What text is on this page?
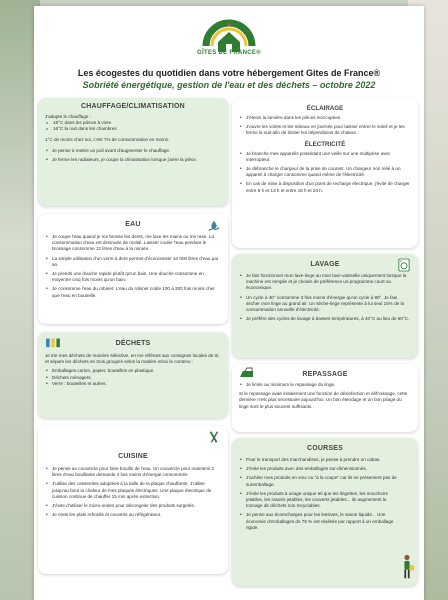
GÎTES DE FRANCE®
Les écogestes du quotidien dans votre hébergement Gites de France®
Sobriété énergétique, gestion de l'eau et des déchets – octobre 2022
CHAUFFAGE/CLIMATISATION

J'adapte le chauffage :

o 19°C dans les pièces à vivre
o 16°C la nuit dans les chambres

1°C de moins chez soi, c'est 7% de consommation en moins.

• Je pense à mettre un pull avant d'augmenter le chauffage.
• Je ferme les radiateurs, je coupe la climatisation lorsque j'aère la pièce.
EAU
• Je coupe l'eau quand je me brosse les dents, me lave les mains ou me rase. La consommation d'eau est diminuée de moitié. Laisser couler l'eau pendant le brossage consomme 12 litres d'eau à la minute.
• La simple utilisation d'un verre à dent permet d'économiser 10 000 litres d'eau par an.
• Je prends une douche rapide plutôt qu'un bain. Une douche consomme en moyenne cinq fois moins qu'un bain.
• Je consomme l'eau du robinet. L'eau du robinet coûte 100 à 300 fois moins cher que l'eau en bouteille.
DÉCHETS

Je trie mes déchets de manière sélective, en me référant aux consignes locales de tri, et sépare les déchets en trois groupes selon la matière et/ou le contenu :

• Emballages carton, papier, bouteilles en plastique.
• Déchets ménagers.
• Verre : bouteilles et autres.
CUISINE
• Je pense au couvercle pour faire bouillir de l'eau. Un couvercle pour maintenir 2 litres d'eau bouillante demande 4 fois moins d'énergie consommée.
• J'utilise des casseroles adaptées à la taille de la plaque chauffante. J'utilise jusqu'au bout la chaleur de mes plaques électriques. Une plaque électrique de cuisson continue de chauffer 15 min après extinction.
• J'évite d'utiliser le micro-ondes pour décongeler des produits surgelés.
• Je mets les plats refroidis et couverts au réfrigérateur.
ÉCLAIRAGE
• J'éteins la lumière dans les pièces inoccupées.
• J'ouvre les volets et les rideaux en journée pour laisser entrer le soleil et je les ferme la nuit afin de limiter les déperditions de chaleur.
ÉLECTRICITÉ
• Je branche mes appareils possédant une veille sur une multiprise avec interrupteur.
• Je débranche le chargeur de la prise de courant. Un chargeur non relié à un appareil à charger consomme quand même de l'électricité.
• En cas de mise à disposition d'un point de recharge électrique, j'évite de charger entre 8 h et 13 h et entre 18 h et 20 h.
LAVAGE
• Je fais fonctionner mon lave-linge ou mon lave-vaisselle uniquement lorsque la machine est remplie et je choisis de préférence un programme court ou économique.
• Un cycle à 40° consomme 3 fois moins d'énergie qu'un cycle à 90°. Je fais sécher mon linge au grand air. Un sèche-linge représente à lui seul 15% de la consommation annuelle d'électricité.
• Je préfère des cycles de lavage à basses températures, à 40°C au lieu de 60°C.
REPASSAGE
• Je limite au minimum le repassage du linge.

Si le repassage avait initialement une fonction de désinfection et défroissage, cette dernière n'est plus nécessaire aujourd'hui. Un bon étendage et un bon pliage du linge sont le plus souvent suffisants.

COURSES
• Pour le transport des marchandises, je pense à prendre un cabas.
• J'évite les produits avec des emballages sur-dimensionnés.
• J'achète mes produits en vrac ou "à la coupe" car ils ne présentent pas de suremballage.
• J'évite les produits à usage unique tel que les lingettes, les mouchoirs jetables, les rasoirs jetables, les couverts jetables... ils augmentent le tonnage de déchets non recyclables.
• Je pense aux écorecharges pour les lessives, le savon liquide... Une économie d'emballages de 75 % est réalisée par rapport à un emballage rigide.
